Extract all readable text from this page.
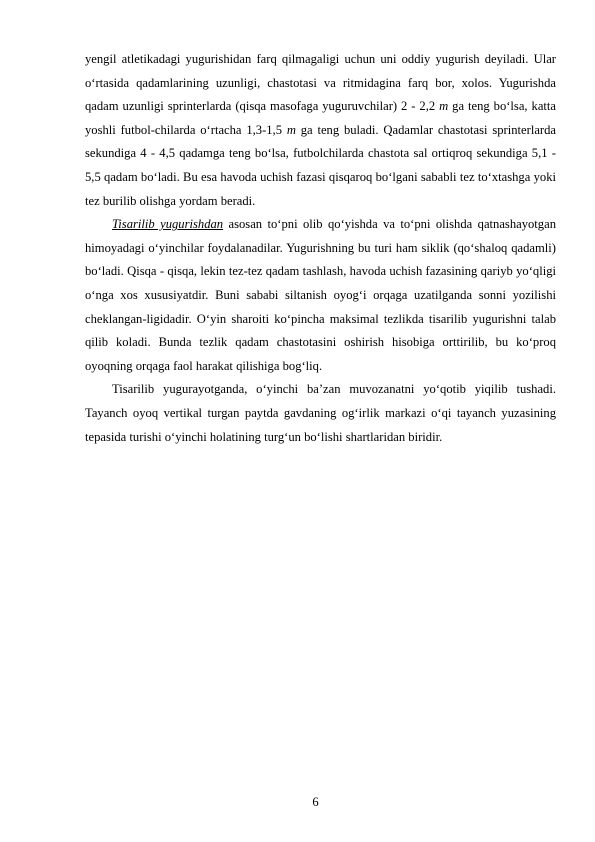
yengil atletikadagi yugurishidan farq qilmagaligi uchun uni oddiy yugurish deyiladi. Ular o‘rtasida qadamlarining uzunligi, chastotasi va ritmidagina farq bor, xolos. Yugurishda qadam uzunligi sprinterlarda (qisqa masofaga yuguruvchilar) 2 - 2,2 m ga teng bo‘lsa, katta yoshli futbol-chilarda o‘rtacha 1,3-1,5 m ga teng buladi. Qadamlar chastotasi sprinterlarda sekundiga 4 - 4,5 qadamga teng bo‘lsa, futbolchilarda chastota sal ortiqroq sekundiga 5,1 - 5,5 qadam bo‘ladi. Bu esa havoda uchish fazasi qisqaroq bo‘lgani sababli tez to‘xtashga yoki tez burilib olishga yordam beradi.

Tisarilib yugurishdan asosan to‘pni olib qo‘yishda va to‘pni olishda qatnashayotgan himoyadagi o‘yinchilar foydalanadilar. Yugurishning bu turi ham siklik (qo‘shaloq qadamli) bo‘ladi. Qisqa - qisqa, lekin tez-tez qadam tashlash, havoda uchish fazasining qariyb yo‘qligi o‘nga xos xususiyatdir. Buni sababi siltanish oyog‘i orqaga uzatilganda sonni yozilishi cheklangan-ligidadir. O‘yin sharoiti ko‘pincha maksimal tezlikda tisarilib yugurishni talab qilib koladi. Bunda tezlik qadam chastotasini oshirish hisobiga orttirilib, bu ko‘proq oyoqning orqaga faol harakat qilishiga bog‘liq.

Tisarilib yugurayotganda, o‘yinchi ba’zan muvozanatni yo‘qotib yiqilib tushadi. Tayanch oyoq vertikal turgan paytda gavdaning og‘irlik markazi o‘qi tayanch yuzasining tepasida turishi o‘yinchi holatining turg‘un bo‘lishi shartlaridan biridir.

6
